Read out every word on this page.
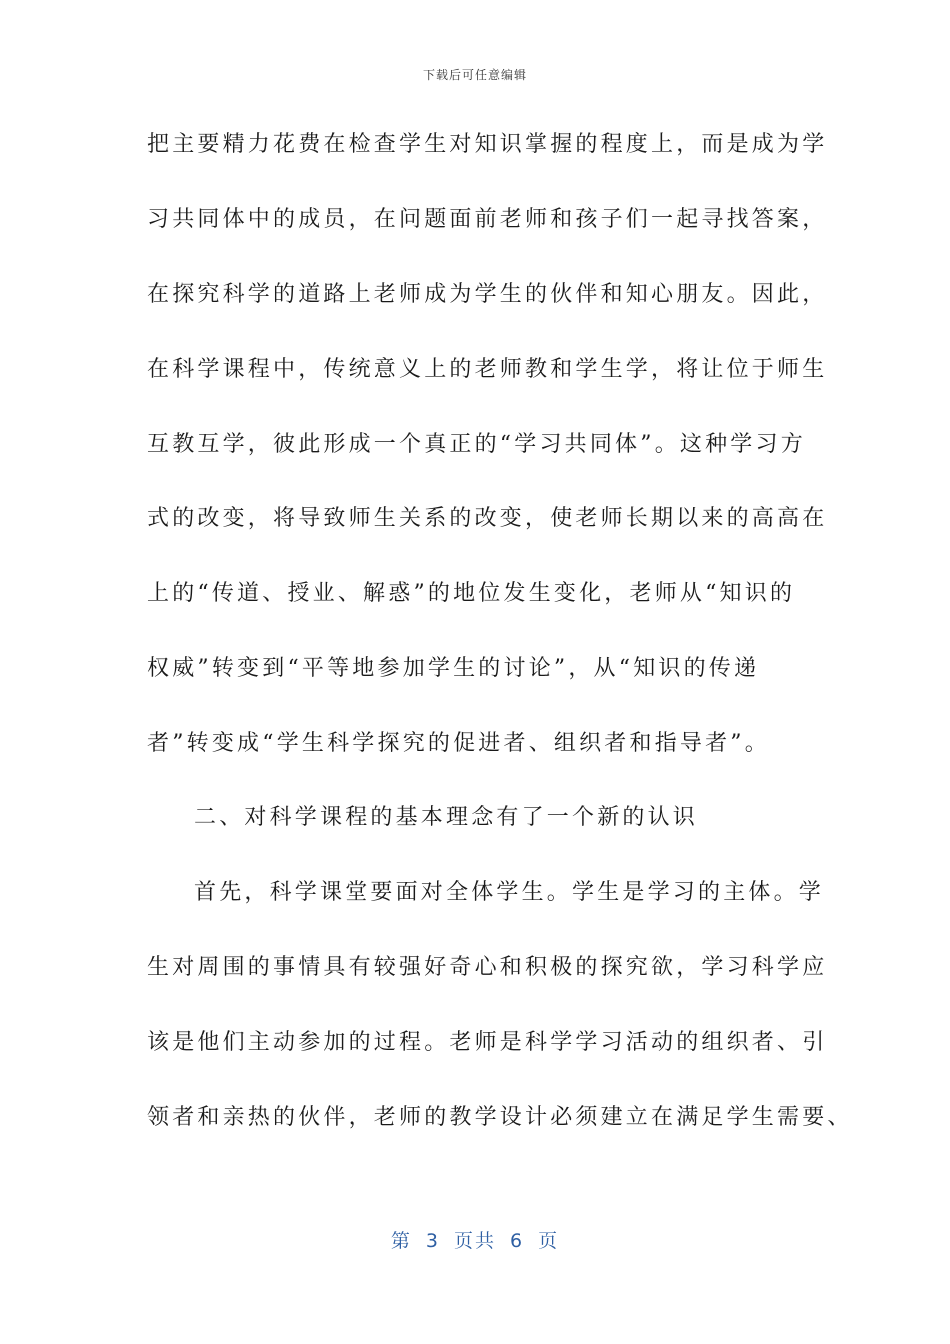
下载后可任意编辑
把主要精力花费在检查学生对知识掌握的程度上，而是成为学
习共同体中的成员，在问题面前老师和孩子们一起寻找答案，
在探究科学的道路上老师成为学生的伙伴和知心朋友。因此，
在科学课程中，传统意义上的老师教和学生学，将让位于师生
互教互学，彼此形成一个真正的“学习共同体”。这种学习方
式的改变，将导致师生关系的改变，使老师长期以来的高高在
上的“传道、授业、解惑”的地位发生变化，老师从“知识的
权威”转变到“平等地参加学生的讨论”，从“知识的传递
者”转变成“学生科学探究的促进者、组织者和指导者”。
二、对科学课程的基本理念有了一个新的认识
首先，科学课堂要面对全体学生。学生是学习的主体。学
生对周围的事情具有较强好奇心和积极的探究欲，学习科学应
该是他们主动参加的过程。老师是科学学习活动的组织者、引
领者和亲热的伙伴，老师的教学设计必须建立在满足学生需要、
第 3 页共 6 页
